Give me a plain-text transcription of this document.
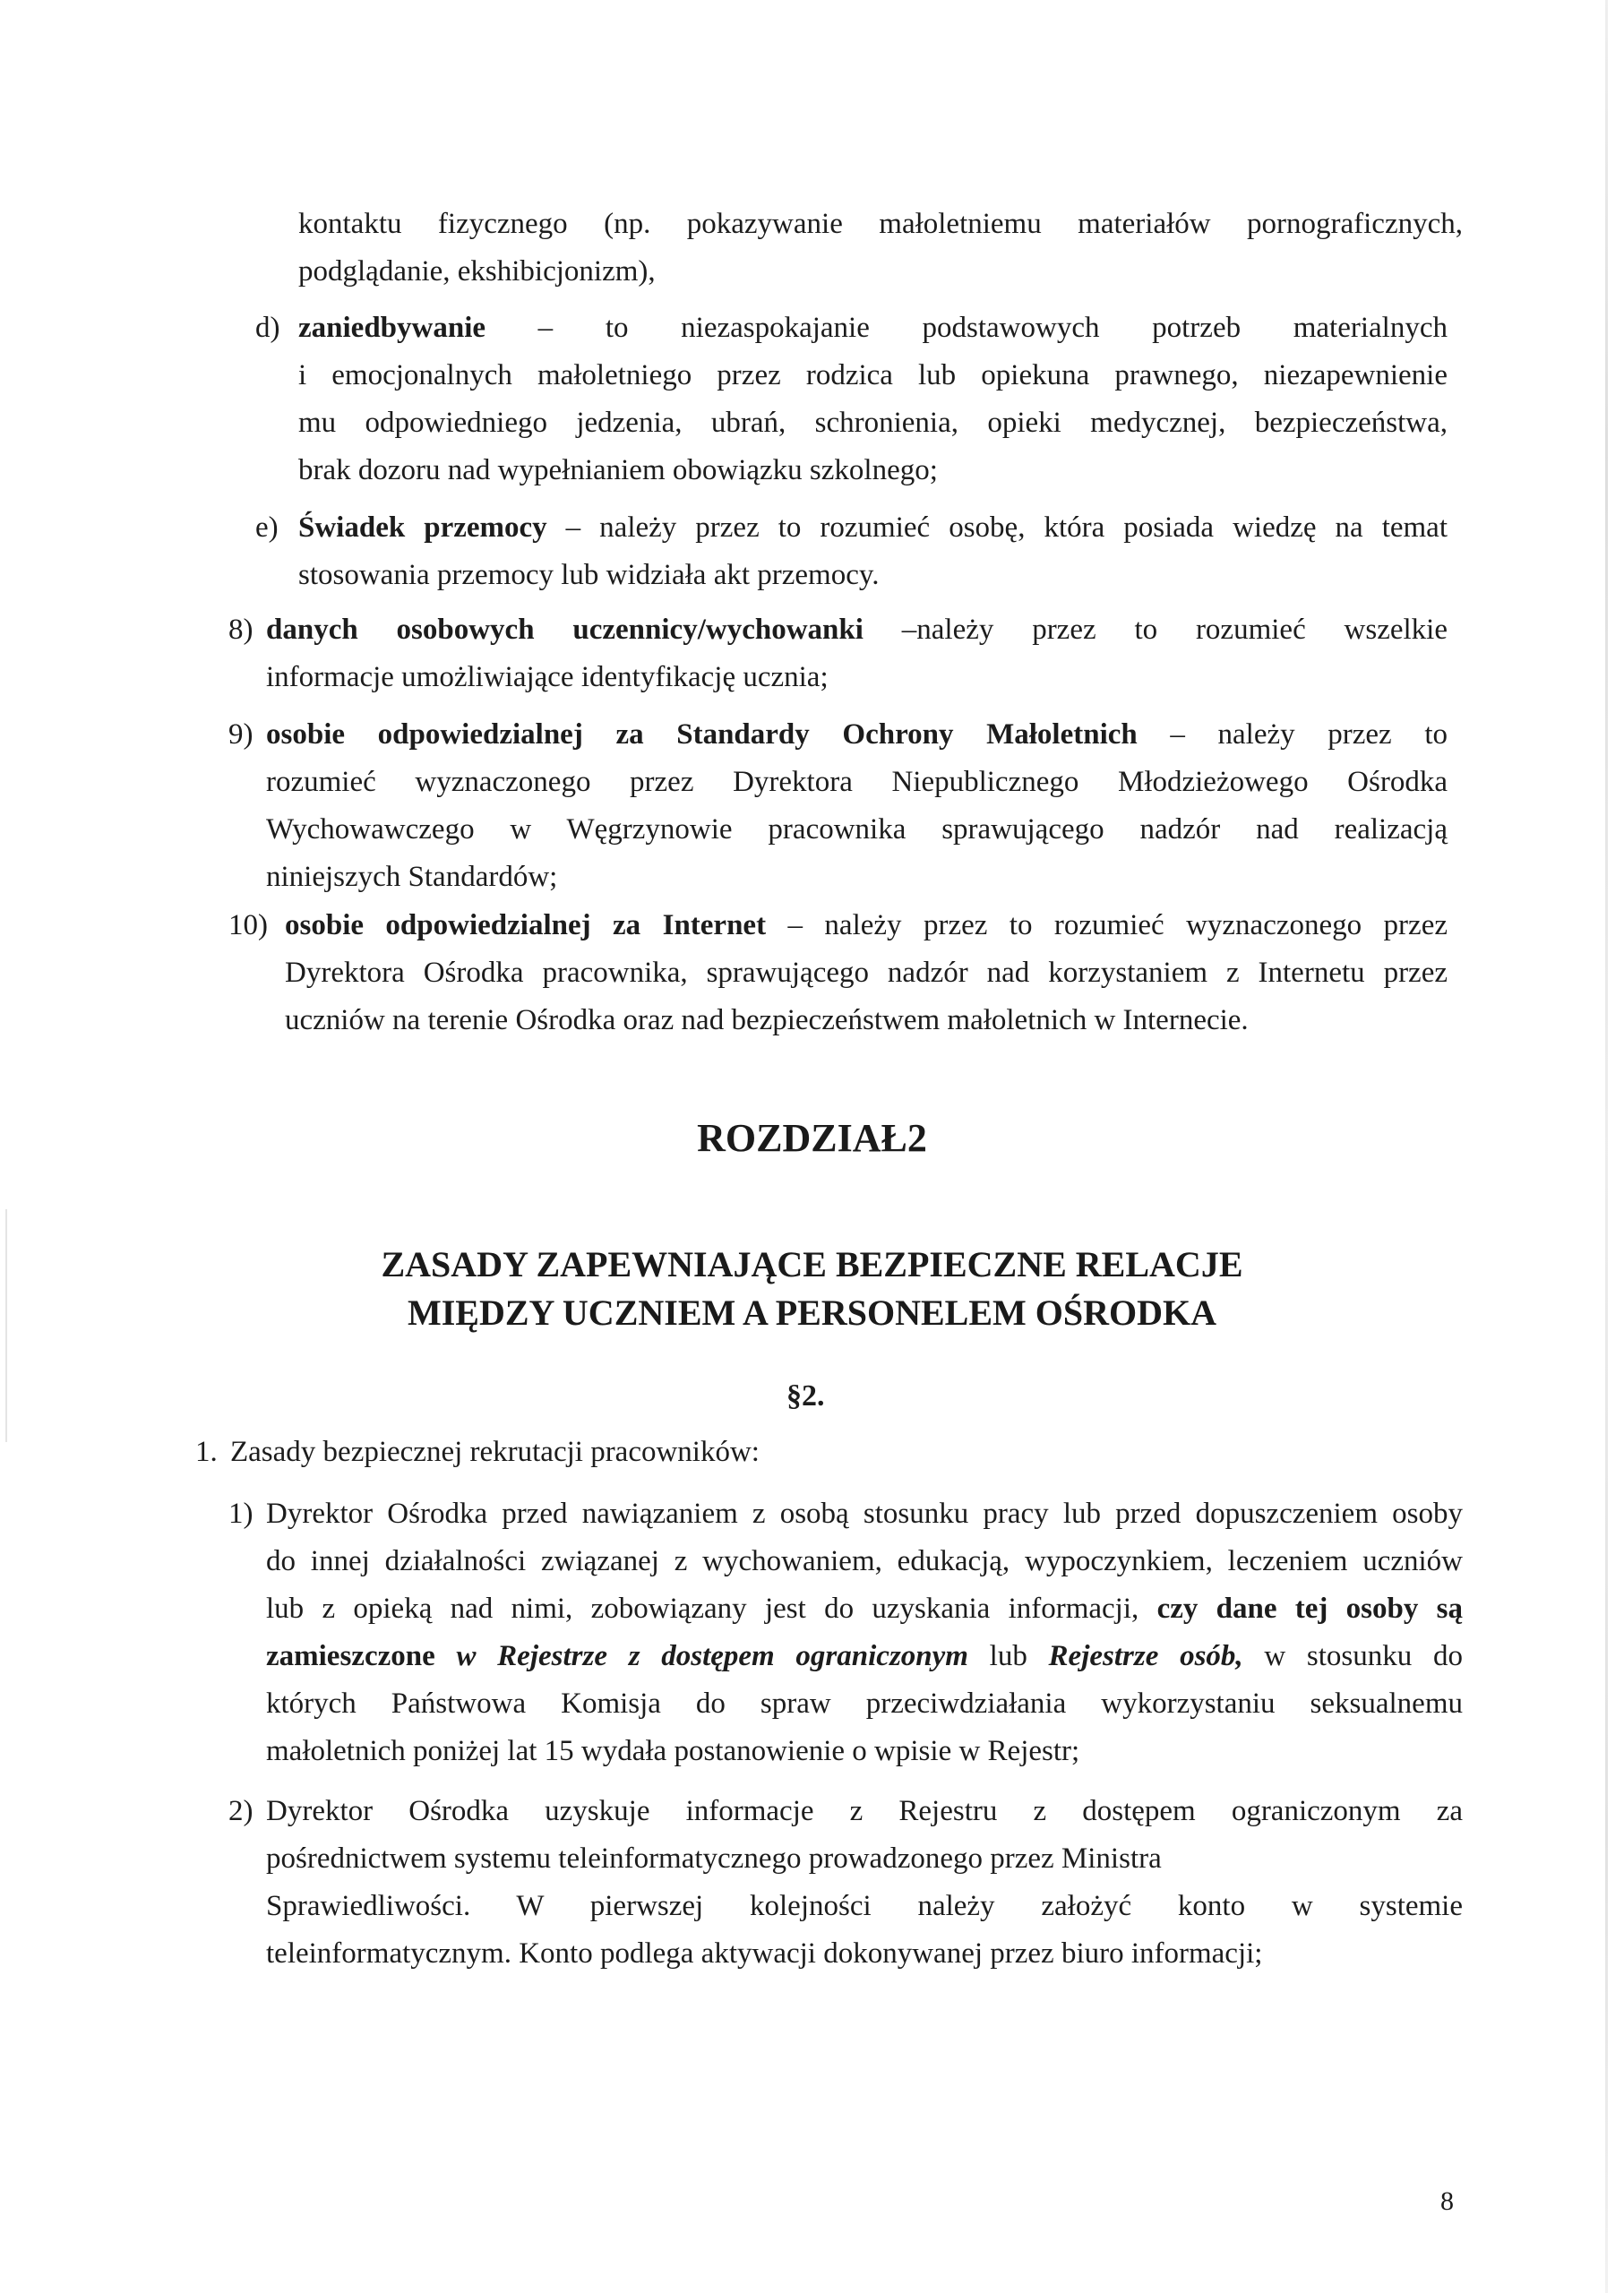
kontaktu fizycznego (np. pokazywanie małoletniemu materiałów pornograficznych,
podglądanie, ekshibicjonizm),
d) zaniedbywanie – to niezaspokajanie podstawowych potrzeb materialnych
i emocjonalnych małoletniego przez rodzica lub opiekuna prawnego, niezapewnienie
mu odpowiedniego jedzenia, ubrań, schronienia, opieki medycznej, bezpieczeństwa,
brak dozoru nad wypełnianiem obowiązku szkolnego;
e) Świadek przemocy – należy przez to rozumieć osobę, która posiada wiedzę na temat
stosowania przemocy lub widziała akt przemocy.
8) danych osobowych uczennicy/wychowanki –należy przez to rozumieć wszelkie
informacje umożliwiające identyfikację ucznia;
9) osobie odpowiedzialnej za Standardy Ochrony Małoletnich – należy przez to
rozumieć wyznaczonego przez Dyrektora Niepublicznego Młodzieżowego Ośrodka
Wychowawczego w Węgrzynowie pracownika sprawującego nadzór nad realizacją
niniejszych Standardów;
10) osobie odpowiedzialnej za Internet – należy przez to rozumieć wyznaczonego przez
Dyrektora Ośrodka pracownika, sprawującego nadzór nad korzystaniem z Internetu przez
uczniów na terenie Ośrodka oraz nad bezpieczeństwem małoletnich w Internecie.
ROZDZIAŁ2
ZASADY ZAPEWNIAJĄCE BEZPIECZNE RELACJE
MIĘDZY UCZNIEM A PERSONELEM OŚRODKA
§2.
1. Zasady bezpiecznej rekrutacji pracowników:
1) Dyrektor Ośrodka przed nawiązaniem z osobą stosunku pracy lub przed dopuszczeniem osoby
do innej działalności związanej z wychowaniem, edukacją, wypoczynkiem, leczeniem uczniów
lub z opieką nad nimi, zobowiązany jest do uzyskania informacji, czy dane tej osoby są
zamieszczone w Rejestrze z dostępem ograniczonym lub Rejestrze osób, w stosunku do
których Państwowa Komisja do spraw przeciwdziałania wykorzystaniu seksualnemu
małoletnich poniżej lat 15 wydała postanowienie o wpisie w Rejestr;
2) Dyrektor Ośrodka uzyskuje informacje z Rejestru z dostępem ograniczonym za
pośrednictwem systemu teleinformatycznego prowadzonego przez Ministra
Sprawiedliwości. W pierwszej kolejności należy założyć konto w systemie
teleinformatycznym. Konto podlega aktywacji dokonywanej przez biuro informacji;
8
